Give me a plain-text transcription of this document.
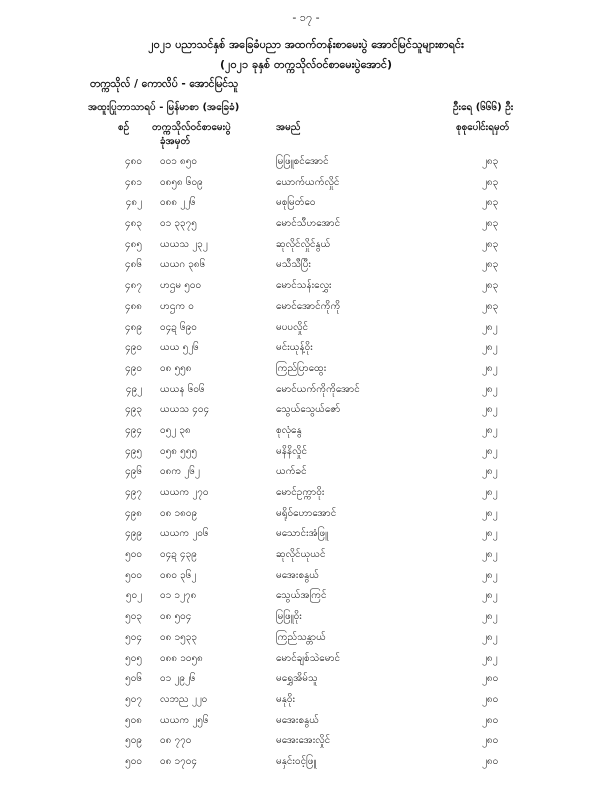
- ၁၇ -
၂၀၂၁ ပညာသင်နှစ် အခြေခံပညာ အထက်တန်းစာမေးပွဲ အောင်မြင်သူများစာရင်း
(၂၀၂၁ ခုနှစ် တက္ကသိုလ်ဝင်စာမေးပွဲအောင်)
တက္ကသိုလ် / ကောလိပ် - အောင်မြင်သူ
အထူးပြုဘာသာရပ် - မြန်မာစာ (အခြေခံ)	ဦးရေ (၆၆၆) ဦး
စဉ် တက္ကသိုလ်ဝင်စာမေးပွဲ
ခုံအမှတ်
အမည်	စုစုပေါင်းရမှတ်
၄၈၀ ဝဝ၁ ၈၅၀	မြဖြူစင်အောင်	၂၈၃
၄၈၁ ၀၈၅၈ ၆၀၉	ယောက်ယက်လှိုင်	၂၈၃
၄၈၂ ၀၈၈ ၂၂၆	မစုမြတ်ဝေ	၂၈၃
၄၈၃ ၀၁ ၃၃၇၅	မောင်သီဟအောင်	၂၈၃
၄၈၅ ယယသ ၂၃၂	ဆုလိုင်လှိုင်နွယ်	၂၈၃
၄၈၆ ယယဂ ၃၈၆	မသီသီပြီး	၂၈၃
၄၈၇ ဟဌမ ၅၀၀	မောင်သန်းလွှေး	၂၈၃
၄၈၈ ဟဌက ၀	မောင်အောင်ကိုကို	၂၈၃
၄၈၉ ၀၄ဍ ၆၉၀	မပပလှိုင်	၂၈၂
၄၉၀ ယယ ၅၂၆	မင်းယုန့်ဝိုး	၂၈၂
၄၉၀ ၀၈ ၅၅၈	ကြည်ပြာထွေး	၂၈၂
၄၉၂ ယယန ၆၀၆	မောင်ယက်ကိုကိုအောင်	၂၈၂
၄၉၃ ယယသ ၄၀၄	သွေယ်သွေယ်ဇော်	၂၈၂
၄၉၄ ၀၅၂ ၃၈	စုလုံနွေ	၂၈၂
၄၉၅ ၀၅၈ ၅၅၅	မနိနိလှိုင်	၂၈၂
၄၉၆ ၀၈က ၂၆၂	ယက်ခင်	၂၈၂
၄၉၇ ယယက ၂၇၀	မောင်ဥက္ကာဝိုး	၂၈၂
၄၉၈ ၀၈ ၁၈၀၉	မရိုဝ်ဟောအောင်	၂၈၂
၄၉၉ ယယက ၂၀၆	မသောင်းအံဖြူ	၂၈၂
၅၀၀ ၀၄ဍ ၄၃၉	ဆုလိုင်ယုယင်	၂၈၂
၅၀၀ ၀၈၀ ၃၆၂	မအေးစနွယ်	၂၈၂
၅၀၂ ၀၁ ၁၂၇၈	သွေယ်အကြင်	၂၈၂
၅၀၃ ၀၈ ၅၀၄	မြဖြူဝိုး	၂၈၂
၅၀၄ ၀၈ ၁၅၃၃	ကြည်သန္တာယ်	၂၈၂
၅၀၅ ၀၈၈ ၁၀၅၈	မောင်ချစ်သဲမောင်	၂၈၂
၅၀၆ ၀၁ ၂၉၂၆	မရွှေအိမ်သူ	၂၈၀
၅၀၇ လဘည ၂၂၀	မနုဝိုး	၂၈၀
၅၀၈ ယယက ၂၅၆	မအေးစနွယ်	၂၈၀
၅၀၉ ၀၈ ၇၇၀	မအေးအေးလှိုင်	၂၈၀
၅၀၀ ၀၈ ၁၇၀၄	မနှင်းဝင့်ဖြူ	၂၈၀
